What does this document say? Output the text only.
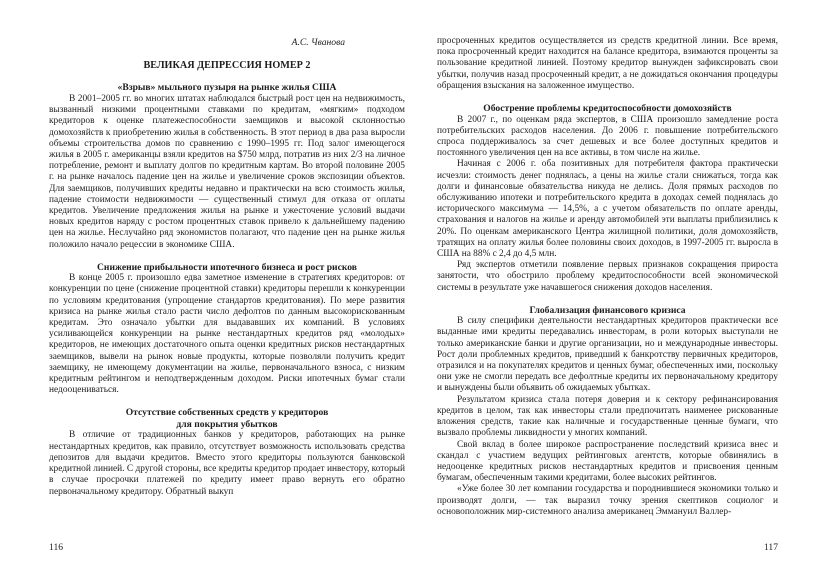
А.С. Чванова
ВЕЛИКАЯ ДЕПРЕССИЯ НОМЕР 2
«Взрыв» мыльного пузыря на рынке жилья США

В 2001–2005 гг. во многих штатах наблюдался быстрый рост цен на недвижимость, вызванный низкими процентными ставками по кредитам, «мягким» подходом кредиторов к оценке платежеспособности заемщиков и высокой склонностью домохозяйств к приобретению жилья в собственность. В этот период в два раза выросли объемы строительства домов по сравнению с 1990–1995 гг. Под залог имеющегося жилья в 2005 г. американцы взяли кредитов на $750 млрд, потратив из них 2/3 на личное потребление, ремонт и выплату долгов по кредитным картам. Во второй половине 2005 г. на рынке началось падение цен на жилье и увеличение сроков экспозиции объектов. Для заемщиков, получивших кредиты недавно и практически на всю стоимость жилья, падение стоимости недвижимости — существенный стимул для отказа от оплаты кредитов. Увеличение предложения жилья на рынке и ужесточение условий выдачи новых кредитов наряду с ростом процентных ставок привело к дальнейшему падению цен на жилье. Неслучайно ряд экономистов полагают, что падение цен на рынке жилья положило начало рецессии в экономике США.

Снижение прибыльности ипотечного бизнеса и рост рисков

В конце 2005 г. произошло едва заметное изменение в стратегиях кредиторов: от конкуренции по цене (снижение процентной ставки) кредиторы перешли к конкуренции по условиям кредитования (упрощение стандартов кредитования). По мере развития кризиса на рынке жилья стало расти число дефолтов по данным высокорискованным кредитам. Это означало убытки для выдававших их компаний. В условиях усиливающейся конкуренции на рынке нестандартных кредитов ряд «молодых» кредиторов, не имеющих достаточного опыта оценки кредитных рисков нестандартных заемщиков, вывели на рынок новые продукты, которые позволяли получить кредит заемщику, не имеющему документации на жилье, первоначального взноса, с низким кредитным рейтингом и неподтвержденным доходом. Риски ипотечных бумаг стали недооцениваться.

Отсутствие собственных средств у кредиторов
для покрытия убытков

В отличие от традиционных банков у кредиторов, работающих на рынке нестандартных кредитов, как правило, отсутствует возможность использовать средства депозитов для выдачи кредитов. Вместо этого кредиторы пользуются банковской кредитной линией. С другой стороны, все кредиты кредитор продает инвестору, который в случае просрочки платежей по кредиту имеет право вернуть его обратно первоначальному кредитору. Обратный выкуп

116

просроченных кредитов осуществляется из средств кредитной линии. Все время, пока просроченный кредит находится на балансе кредитора, взимаются проценты за пользование кредитной линией. Поэтому кредитор вынужден зафиксировать свои убытки, получив назад просроченный кредит, а не дожидаться окончания процедуры обращения взыскания на заложенное имущество.

Обострение проблемы кредитоспособности домохозяйств

В 2007 г., по оценкам ряда экспертов, в США произошло замедление роста потребительских расходов населения. До 2006 г. повышение потребительского спроса поддерживалось за счет дешевых и все более доступных кредитов и постоянного увеличения цен на все активы, в том числе на жилье.

Начиная с 2006 г. оба позитивных для потребителя фактора практически исчезли: стоимость денег поднялась, а цены на жилье стали снижаться, тогда как долги и финансовые обязательства никуда не делись. Доля прямых расходов по обслуживанию ипотеки и потребительского кредита в доходах семей поднялась до исторического максимума — 14,5%, а с учетом обязательств по оплате аренды, страхования и налогов на жилье и аренду автомобилей эти выплаты приблизились к 20%. По оценкам американского Центра жилищной политики, доля домохозяйств, тратящих на оплату жилья более половины своих доходов, в 1997-2005 гг. выросла в США на 88% с 2,4 до 4,5 млн.

Ряд экспертов отметили появление первых признаков сокращения прироста занятости, что обострило проблему кредитоспособности всей экономической системы в результате уже начавшегося снижения доходов населения.

Глобализация финансового кризиса

В силу специфики деятельности нестандартных кредиторов практически все выданные ими кредиты передавались инвесторам, в роли которых выступали не только американские банки и другие организации, но и международные инвесторы. Рост доли проблемных кредитов, приведший к банкротству первичных кредиторов, отразился и на покупателях кредитов и ценных бумаг, обеспеченных ими, поскольку они уже не смогли передать все дефолтные кредиты их первоначальному кредитору и вынуждены были объявить об ожидаемых убытках.

Результатом кризиса стала потеря доверия и к сектору рефинансирования кредитов в целом, так как инвесторы стали предпочитать наименее рискованные вложения средств, такие как наличные и государственные ценные бумаги, что вызвало проблемы ликвидности у многих компаний.

Свой вклад в более широкое распространение последствий кризиса внес и скандал с участием ведущих рейтинговых агентств, которые обвинялись в недооценке кредитных рисков нестандартных кредитов и присвоения ценным бумагам, обеспеченным такими кредитами, более высоких рейтингов.

«Уже более 30 лет компании государства и породнившиеся экономики только и производят долги, — так выразил точку зрения скептиков социолог и основоположник мир-системного анализа американец Эммануил Валлер-

117
